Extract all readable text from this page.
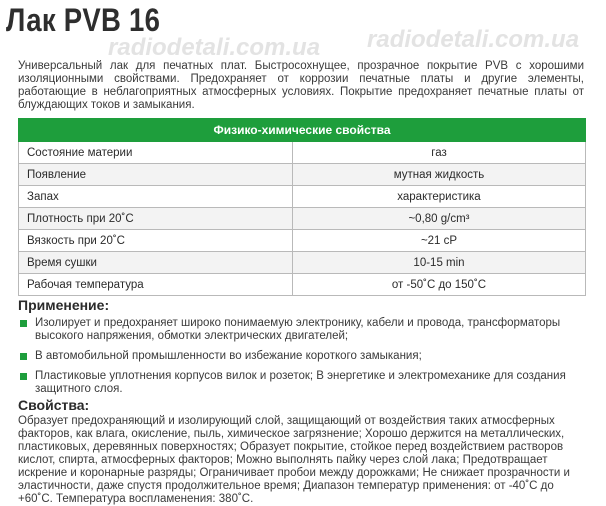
Лак PVB 16
radiodetali.com.ua radiodetali.com.ua

Универсальный лак для печатных плат. Быстросохнущее, прозрачное покрытие PVB с хорошими изоляционными свойствами. Предохраняет от коррозии печатные платы и другие элементы, работающие в неблагоприятных атмосферных условиях. Покрытие предохраняет печатные платы от блуждающих токов и замыкания.

Физико-химические свойства	
Состояние материи	газ
Появление	мутная жидкость
Запах	характеристика
Плотность при 20˚С	~0,80 g/cm³
Вязкость при 20˚С	~21 cP
Время сушки	10-15 min
Рабочая температура	от -50˚С до 150˚С
Применение:
Изолирует и предохраняет широко понимаемую электронику, кабели и провода, трансформаторы высокого напряжения, обмотки электрических двигателей;
В автомобильной промышленности во избежание короткого замыкания;
Пластиковые уплотнения корпусов вилок и розеток; В энергетике и электромеханике для создания защитного слоя.
Свойства:

Образует предохраняющий и изолирующий слой, защищающий от воздействия таких атмосферных факторов, как влага, окисление, пыль, химическое загрязнение; Хорошо держится на металлических, пластиковых, деревянных поверхностях; Образует покрытие, стойкое перед воздействием растворов кислот, спирта, атмосферных факторов; Можно выполнять пайку через слой лака; Предотвращает искрение и коронарные разряды; Ограничивает пробои между дорожками; Не снижает прозрачности и эластичности, даже спустя продолжительное время; Диапазон температур применения: от -40˚С до +60˚С. Температура воспламенения: 380˚С.
